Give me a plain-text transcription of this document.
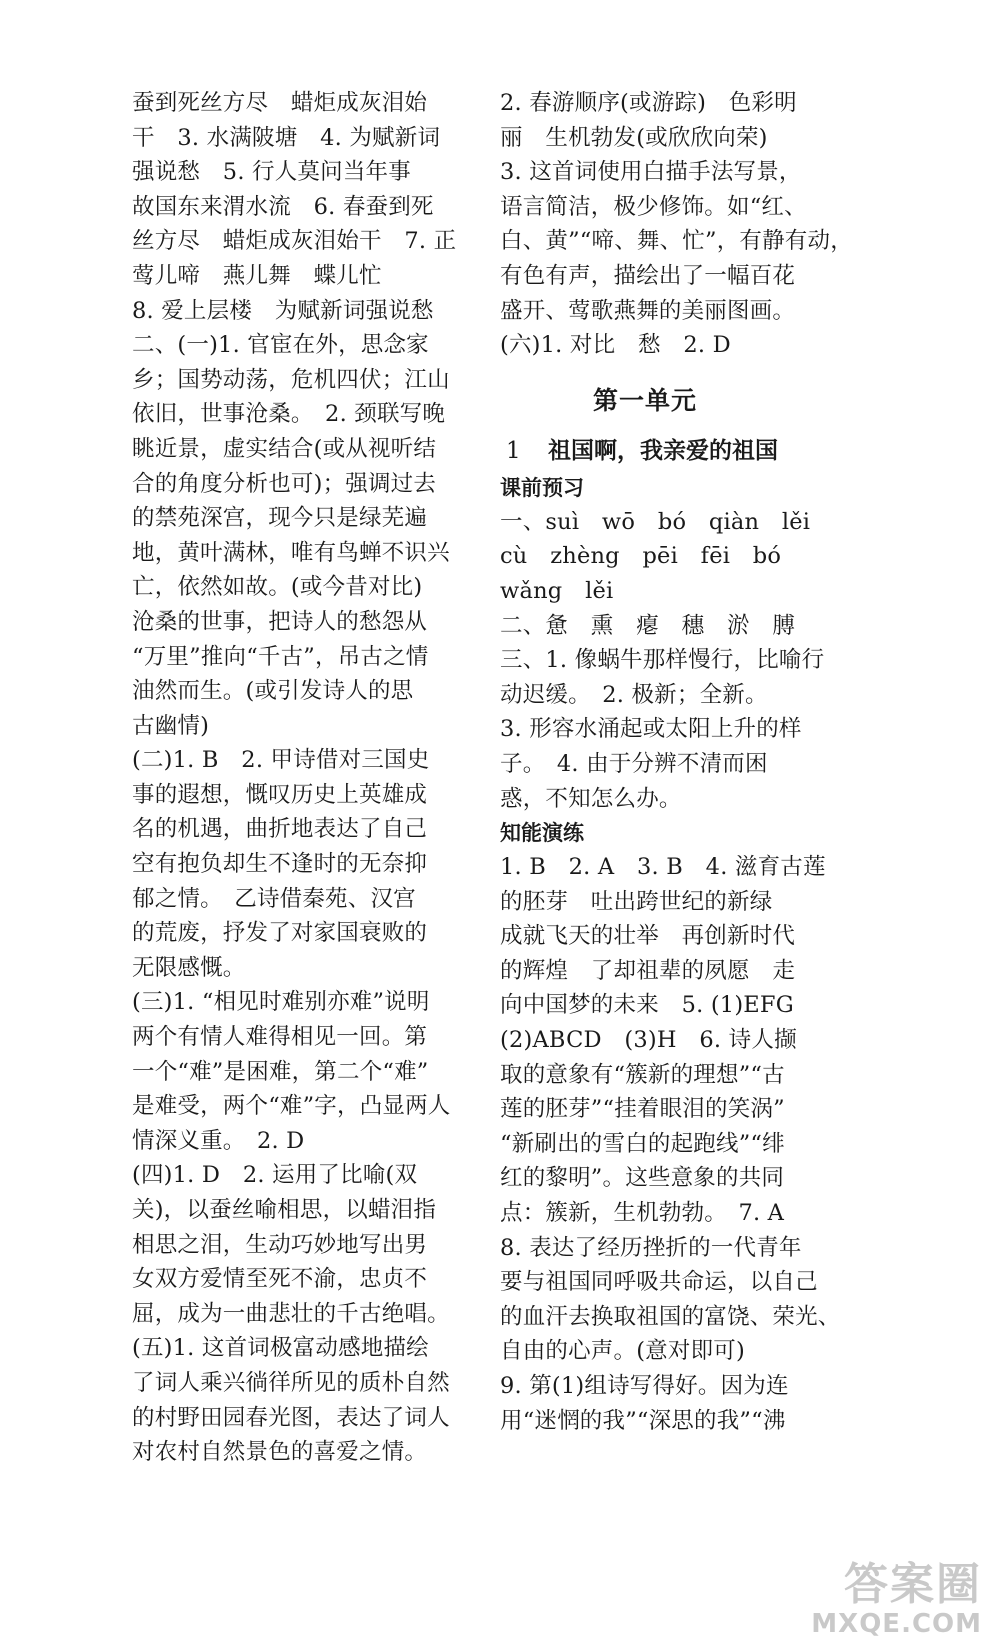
蚕到死丝方尽　蜡炬成灰泪始
干　3. 水满陂塘　4. 为赋新词
强说愁　5. 行人莫问当年事
故国东来渭水流　6. 春蚕到死
丝方尽　蜡炬成灰泪始干　7. 正
莺儿啼　燕儿舞　蝶儿忙
8. 爱上层楼　为赋新词强说愁
二、(一)1. 官宦在外，思念家
乡；国势动荡，危机四伏；江山
依旧，世事沧桑。　2. 颈联写晚
眺近景，虚实结合(或从视听结
合的角度分析也可)；强调过去
的禁苑深宫，现今只是绿芜遍
地，黄叶满林，唯有鸟蝉不识兴
亡，依然如故。(或今昔对比)
沧桑的世事，把诗人的愁怨从
“万里”推向“千古”，吊古之情
油然而生。(或引发诗人的思
古幽情)
(二)1. B　2. 甲诗借对三国史
事的遐想，慨叹历史上英雄成
名的机遇，曲折地表达了自己
空有抱负却生不逢时的无奈抑
郁之情。　乙诗借秦苑、汉宫
的荒废，抒发了对家国衰败的
无限感慨。
(三)1. “相见时难别亦难”说明
两个有情人难得相见一回。第
一个“难”是困难，第二个“难”
是难受，两个“难”字，凸显两人
情深义重。　2. D
(四)1. D　2. 运用了比喻(双
关)，以蚕丝喻相思，以蜡泪指
相思之泪，生动巧妙地写出男
女双方爱情至死不渝，忠贞不
屈，成为一曲悲壮的千古绝唱。
(五)1. 这首词极富动感地描绘
了词人乘兴徜徉所见的质朴自然
的村野田园春光图，表达了词人
对农村自然景色的喜爱之情。
2. 春游顺序(或游踪)　色彩明
丽　生机勃发(或欣欣向荣)
3. 这首词使用白描手法写景，
语言简洁，极少修饰。如“红、
白、黄”“啼、舞、忙”，有静有动，
有色有声，描绘出了一幅百花
盛开、莺歌燕舞的美丽图画。
(六)1. 对比　愁　2. D
第一单元
1 祖国啊，我亲爱的祖国
课前预习
一、suì　wō　bó　qiàn　lěi
cù　zhèng　pēi　fēi　bó
wǎng　lěi
二、惫　熏　瘪　穗　淤　膊
三、1. 像蜗牛那样慢行，比喻行
动迟缓。　2. 极新；全新。
3. 形容水涌起或太阳上升的样
子。　4. 由于分辨不清而困
惑，不知怎么办。
知能演练
1. B　2. A　3. B　4. 滋育古莲
的胚芽　吐出跨世纪的新绿
成就飞天的壮举　再创新时代
的辉煌　了却祖辈的夙愿　走
向中国梦的未来　5. (1)EFG
(2)ABCD　(3)H　6. 诗人撷
取的意象有“簇新的理想”“古
莲的胚芽”“挂着眼泪的笑涡”
“新刷出的雪白的起跑线”“绯
红的黎明”。这些意象的共同
点：簇新，生机勃勃。　7. A
8. 表达了经历挫折的一代青年
要与祖国同呼吸共命运，以自己
的血汗去换取祖国的富饶、荣光、
自由的心声。(意对即可)
9. 第(1)组诗写得好。因为连
用“迷惘的我”“深思的我”“沸
答案圈
MXQE.COM
